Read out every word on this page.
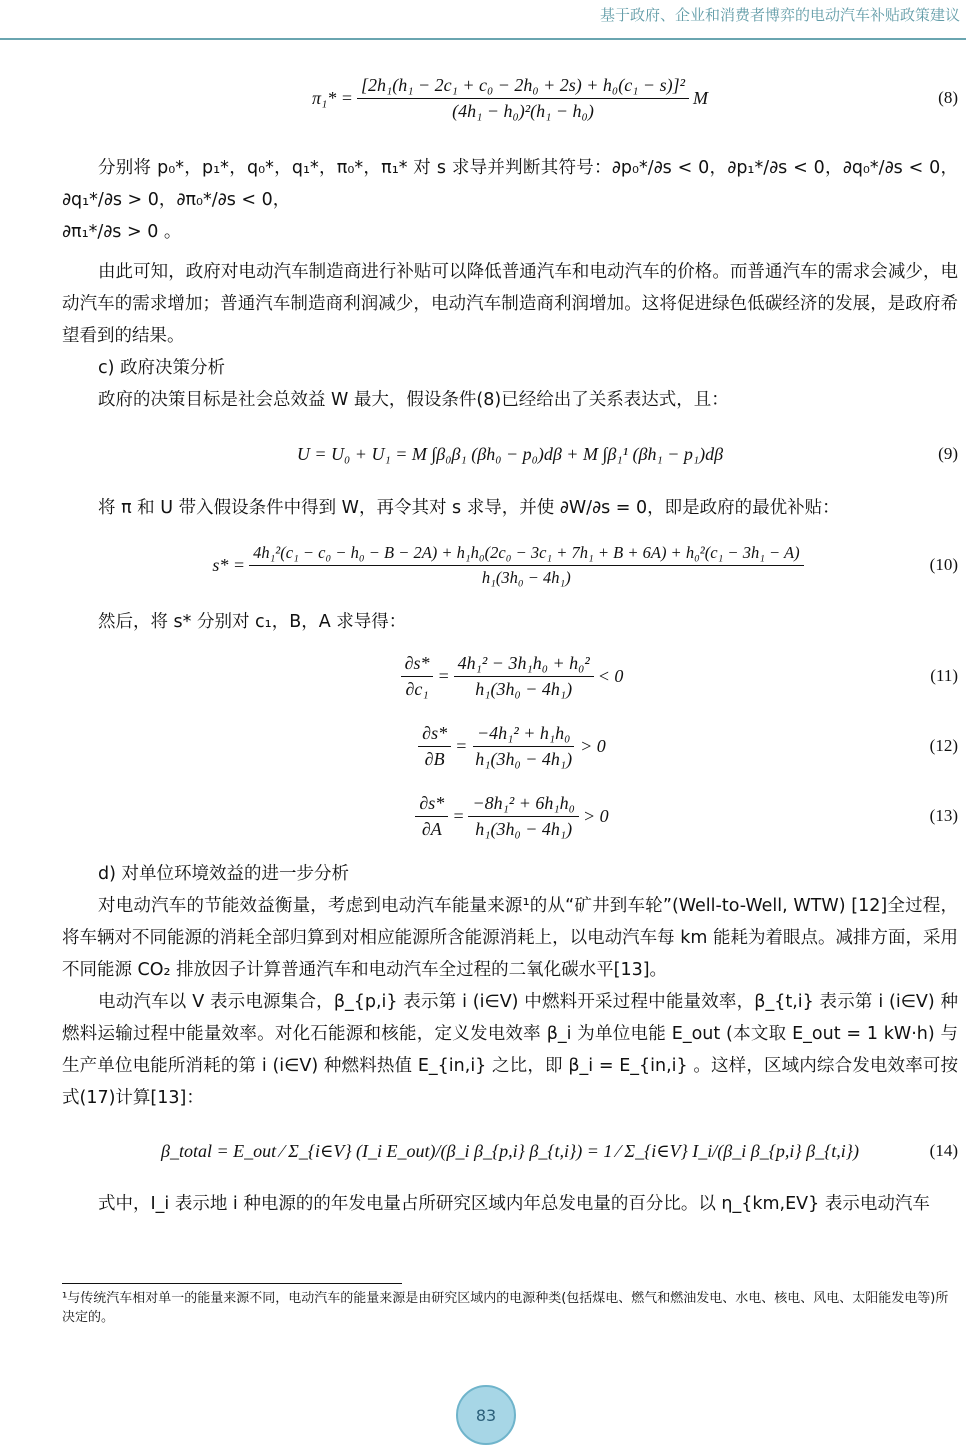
基于政府、企业和消费者博弈的电动汽车补贴政策建议
$\pi_1* = \frac{\text{[2h₁(h₁ − 2c₁ + c₀ − 2h₀ + 2s) + h₀(c₁ − s)]²}}{\text{(4h₁ − h₀)²(h₁ − h₀)}}$ M	(8)

分别将 p₀*，p₁*，q₀*，q₁*，π₀*，π₁* 对 s 求导并判断其符号：∂p₀*/∂s < 0，∂p₁*/∂s < 0，∂q₀*/∂s < 0，∂q₁*/∂s > 0，∂π₀*/∂s < 0，

∂π₁*/∂s > 0 。

由此可知，政府对电动汽车制造商进行补贴可以降低普通汽车和电动汽车的价格。而普通汽车的需求会减少，电动汽车的需求增加；普通汽车制造商利润减少，电动汽车制造商利润增加。这将促进绿色低碳经济的发展，是政府希望看到的结果。

c) 政府决策分析

政府的决策目标是社会总效益 W 最大，假设条件(8)已经给出了关系表达式，且：

U = U₀ + U₁ = M ∫β₀β₁ (βh₀ − p₀)dβ + M ∫β₁¹ (βh₁ − p₁)dβ	(9)

将 π 和 U 带入假设条件中得到 W，再令其对 s 求导，并使 ∂W/∂s = 0，即是政府的最优补贴：

s* =
4h₁²(c₁ − c₀ − h₀ − B − 2A) + h₁h₀(2c₀ − 3c₁ + 7h₁ + B + 6A) + h₀²(c₁ − 3h₁ − A)
h₁(3h₀ − 4h₁)
(10)

然后，将 s* 分别对 c₁，B，A 求导得：

$\frac{\partial s*}{\text{∂c₁}} = \frac{\text{4h₁² − 3h₁h₀ + h₀²}}{\text{h₁(3h₀ − 4h₁)}} < 0$	(11)
$\frac{\partial s*}{\partial B} = \frac{\text{−4h₁² + h₁h₀}}{\text{h₁(3h₀ − 4h₁)}} > 0$	(12)
$\frac{\partial s*}{\partial A} = \frac{\text{−8h₁² + 6h₁h₀}}{\text{h₁(3h₀ − 4h₁)}} > 0$	(13)

d) 对单位环境效益的进一步分析

对电动汽车的节能效益衡量，考虑到电动汽车能量来源¹的从“矿井到车轮”(Well-to-Well, WTW) [12]全过程，将车辆对不同能源的消耗全部归算到对相应能源所含能源消耗上，以电动汽车每 km 能耗为着眼点。减排方面，采用不同能源 CO₂ 排放因子计算普通汽车和电动汽车全过程的二氧化碳水平[13]。

电动汽车以 V 表示电源集合，β_{p,i} 表示第 i (i∈V) 中燃料开采过程中能量效率，β_{t,i} 表示第 i (i∈V) 种燃料运输过程中能量效率。对化石能源和核能，定义发电效率 β_i 为单位电能 E_out (本文取 E_out = 1 kW·h) 与生产单位电能所消耗的第 i (i∈V) 种燃料热值 E_{in,i} 之比，即 β_i = E_{in,i} 。这样，区域内综合发电效率可按式(17)计算[13]：

β_total = E_out ⁄ Σ_{i∈V} (I_i E_out)/(β_i β_{p,i} β_{t,i}) = 1 ⁄ Σ_{i∈V} I_i/(β_i β_{p,i} β_{t,i})	(14)

式中，I_i 表示地 i 种电源的的年发电量占所研究区域内年总发电量的百分比。以 η_{km,EV} 表示电动汽车

¹与传统汽车相对单一的能量来源不同，电动汽车的能量来源是由研究区域内的电源种类(包括煤电、燃气和燃油发电、水电、核电、风电、太阳能发电等)所决定的。
83
